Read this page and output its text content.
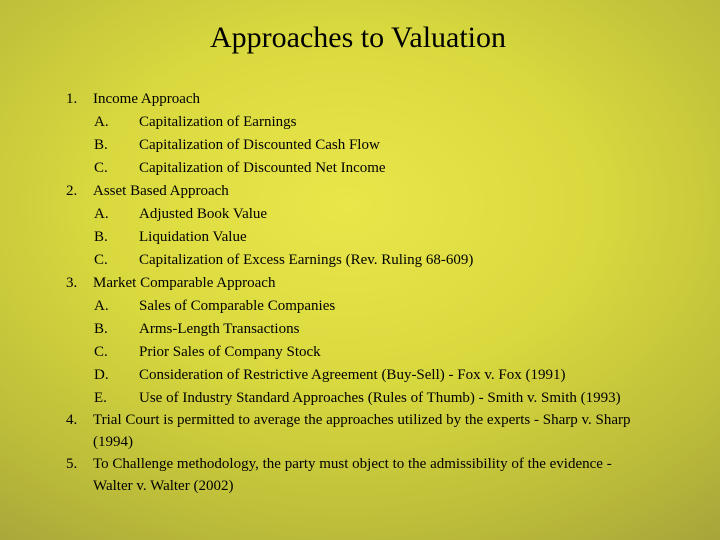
Approaches to Valuation
1. Income Approach
A. Capitalization of Earnings
B. Capitalization of Discounted Cash Flow
C. Capitalization of Discounted Net Income
2. Asset Based Approach
A. Adjusted Book Value
B. Liquidation Value
C. Capitalization of Excess Earnings (Rev. Ruling 68-609)
3. Market Comparable Approach
A. Sales of Comparable Companies
B. Arms-Length Transactions
C. Prior Sales of Company Stock
D. Consideration of Restrictive Agreement (Buy-Sell) - Fox v. Fox (1991)
E. Use of Industry Standard Approaches (Rules of Thumb) - Smith v. Smith (1993)
4. Trial Court is permitted to average the approaches utilized by the experts - Sharp v. Sharp
(1994)
5. To Challenge methodology, the party must object to the admissibility of the evidence -
Walter v. Walter (2002)
